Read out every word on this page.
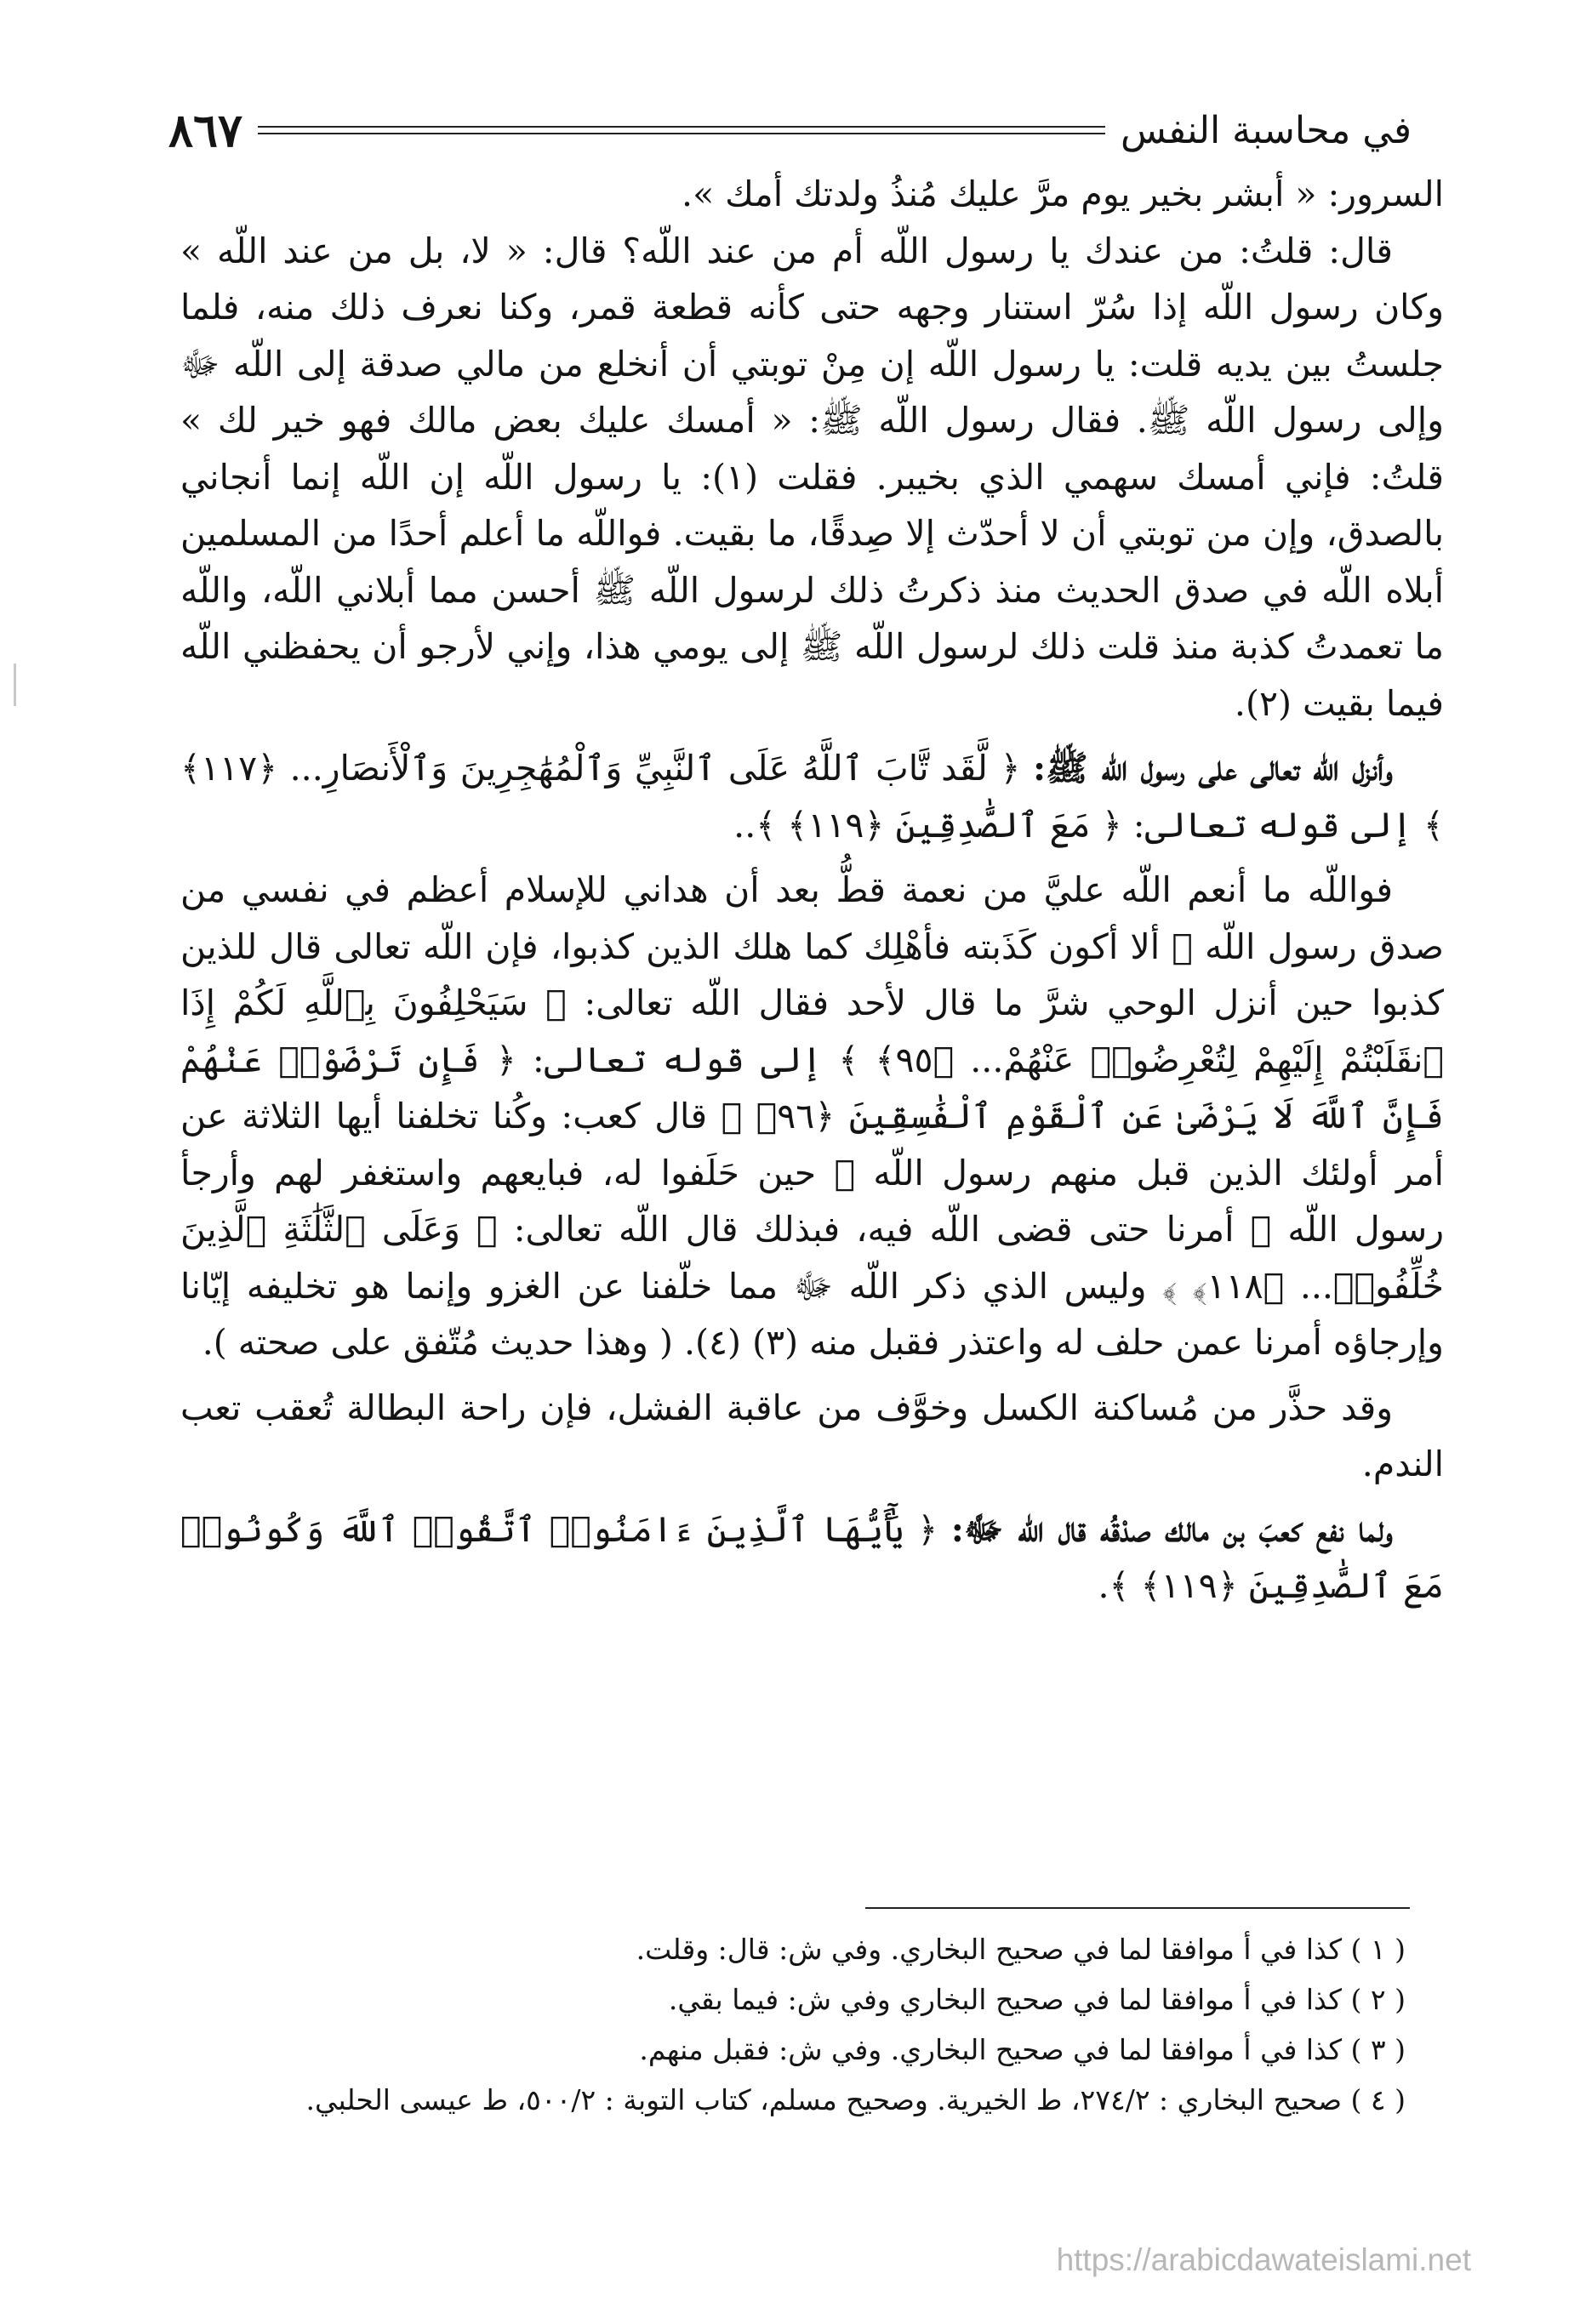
في محاسبة النفس
٨٦٧

السرور: « أبشر بخير يوم مرَّ عليك مُنذُ ولدتك أمك ».

قال: قلتُ: من عندك يا رسول اللّه أم من عند اللّه؟ قال: « لا، بل من عند اللّه » وكان رسول اللّه إذا سُرّ استنار وجهه حتى كأنه قطعة قمر، وكنا نعرف ذلك منه، فلما جلستُ بين يديه قلت: يا رسول اللّه إن مِنْ توبتي أن أنخلع من مالي صدقة إلى اللّه ﷻ وإلى رسول اللّه ﷺ. فقال رسول اللّه ﷺ: « أمسك عليك بعض مالك فهو خير لك » قلتُ: فإني أمسك سهمي الذي بخيبر. فقلت (١): يا رسول اللّه إن اللّه إنما أنجاني بالصدق، وإن من توبتي أن لا أحدّث إلا صِدقًا، ما بقيت. فواللّه ما أعلم أحدًا من المسلمين أبلاه اللّه في صدق الحديث منذ ذكرتُ ذلك لرسول اللّه ﷺ أحسن مما أبلاني اللّه، واللّه ما تعمدتُ كذبة منذ قلت ذلك لرسول اللّه ﷺ إلى يومي هذا، وإني لأرجو أن يحفظني اللّه فيما بقيت (٢).

وأنزل اللّه تعالى على رسول اللّه ﷺ: ﴿ لَّقَد تَّابَ ٱللَّهُ عَلَى ٱلنَّبِيِّ وَٱلْمُهَٰجِرِينَ وَٱلْأَنصَارِ... ﴿١١٧﴾ ﴾ إلى قوله تعالى: ﴿ مَعَ ٱلصَّٰدِقِينَ ﴿١١٩﴾ ﴾..

فواللّه ما أنعم اللّه عليَّ من نعمة قطُّ بعد أن هداني للإسلام أعظم في نفسي من صدق رسول اللّه ﷺ ألا أكون كَذَبته فأهْلِك كما هلك الذين كذبوا، فإن اللّه تعالى قال للذين كذبوا حين أنزل الوحي شرَّ ما قال لأحد فقال اللّه تعالى: ﴿ سَيَحْلِفُونَ بِٱللَّهِ لَكُمْ إِذَا ٱنقَلَبْتُمْ إِلَيْهِمْ لِتُعْرِضُوا۟ عَنْهُمْ... ﴿٩٥﴾ ﴾ إلى قوله تعالى: ﴿ فَإِن تَرْضَوْا۟ عَنْهُمْ فَإِنَّ ٱللَّهَ لَا يَرْضَىٰ عَنِ ٱلْقَوْمِ ٱلْفَٰسِقِينَ ﴿٩٦﴾ ﴾ قال كعب: وكُنا تخلفنا أيها الثلاثة عن أمر أولئك الذين قبل منهم رسول اللّه ﷺ حين حَلَفوا له، فبايعهم واستغفر لهم وأرجأ رسول اللّه ﷺ أمرنا حتى قضى اللّه فيه، فبذلك قال اللّه تعالى: ﴿ وَعَلَى ٱلثَّلَٰثَةِ ٱلَّذِينَ خُلِّفُوا۟... ﴿١١٨﴾ ﴾ وليس الذي ذكر اللّه ﷻ مما خلّفنا عن الغزو وإنما هو تخليفه إيّانا وإرجاؤه أمرنا عمن حلف له واعتذر فقبل منه (٣) (٤). ( وهذا حديث مُتّفق على صحته ).

وقد حذَّر من مُساكنة الكسل وخوَّف من عاقبة الفشل، فإن راحة البطالة تُعقب تعب الندم.

ولما نفع كعبَ بن مالك صدْقُه قال اللّه ﷻ: ﴿ يَٰٓأَيُّهَا ٱلَّذِينَ ءَامَنُوا۟ ٱتَّقُوا۟ ٱللَّهَ وَكُونُوا۟ مَعَ ٱلصَّٰدِقِينَ ﴿١١٩﴾ ﴾.

( ١ ) كذا في أ موافقا لما في صحيح البخاري. وفي ش: قال: وقلت.

( ٢ ) كذا في أ موافقا لما في صحيح البخاري وفي ش: فيما بقي.

( ٣ ) كذا في أ موافقا لما في صحيح البخاري. وفي ش: فقبل منهم.

( ٤ ) صحيح البخاري : ٢٧٤/٢، ط الخيرية. وصحيح مسلم، كتاب التوبة : ٥٠٠/٢، ط عيسى الحلبي.

https://arabicdawateislami.net
